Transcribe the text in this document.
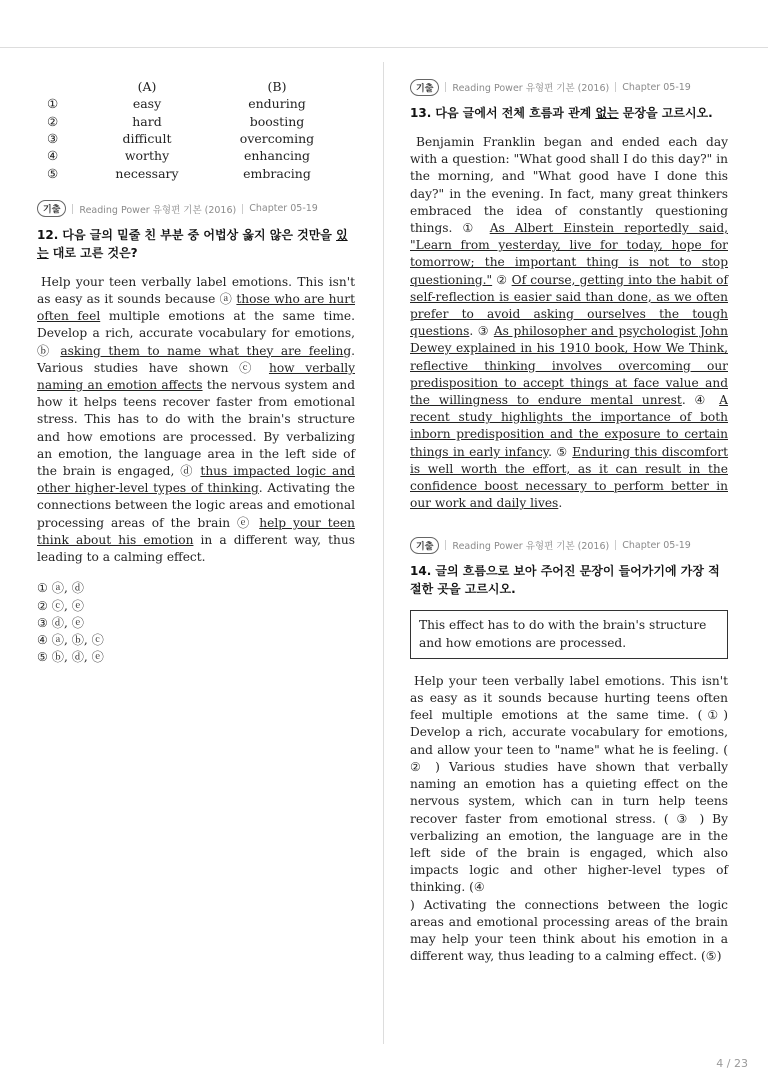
	(A)	(B)
①	easy	enduring
②	hard	boosting
③	difficult	overcoming
④	worthy	enhancing
⑤	necessary	embracing
기출	Reading Power 유형편 기본 (2016) Chapter 05-19
12. 다음 글의 밑줄 친 부분 중 어법상 옳지 않은 것만을 있는 대로 고른 것은?
Help your teen verbally label emotions. This isn't as easy as it sounds because ⓐ those who are hurt often feel multiple emotions at the same time. Develop a rich, accurate vocabulary for emotions, ⓑ asking them to name what they are feeling. Various studies have shown ⓒ how verbally naming an emotion affects the nervous system and how it helps teens recover faster from emotional stress. This has to do with the brain's structure and how emotions are processed. By verbalizing an emotion, the language area in the left side of the brain is engaged, ⓓ thus impacted logic and other higher-level types of thinking. Activating the connections between the logic areas and emotional processing areas of the brain ⓔ help your teen think about his emotion in a different way, thus leading to a calming effect.
① ⓐ, ⓓ
② ⓒ, ⓔ
③ ⓓ, ⓔ
④ ⓐ, ⓑ, ⓒ
⑤ ⓑ, ⓓ, ⓔ
기출	Reading Power 유형편 기본 (2016) Chapter 05-19
13. 다음 글에서 전체 흐름과 관계 없는 문장을 고르시오.
Benjamin Franklin began and ended each day with a question: "What good shall I do this day?" in the morning, and "What good have I done this day?" in the evening. In fact, many great thinkers embraced the idea of constantly questioning things. ① As Albert Einstein reportedly said, "Learn from yesterday, live for today, hope for tomorrow; the important thing is not to stop questioning." ② Of course, getting into the habit of self-reflection is easier said than done, as we often prefer to avoid asking ourselves the tough questions. ③ As philosopher and psychologist John Dewey explained in his 1910 book, How We Think, reflective thinking involves overcoming our predisposition to accept things at face value and the willingness to endure mental unrest. ④ A recent study highlights the importance of both inborn predisposition and the exposure to certain things in early infancy. ⑤ Enduring this discomfort is well worth the effort, as it can result in the confidence boost necessary to perform better in our work and daily lives.
기출	Reading Power 유형편 기본 (2016) Chapter 05-19
14. 글의 흐름으로 보아 주어진 문장이 들어가기에 가장 적절한 곳을 고르시오.
This effect has to do with the brain's structure and how emotions are processed.
Help your teen verbally label emotions. This isn't as easy as it sounds because hurting teens often feel multiple emotions at the same time. (①) Develop a rich, accurate vocabulary for emotions, and allow your teen to "name" what he is feeling. ( ② ) Various studies have shown that verbally naming an emotion has a quieting effect on the nervous system, which can in turn help teens recover faster from emotional stress. ( ③ ) By verbalizing an emotion, the language are in the left side of the brain is engaged, which also impacts logic and other higher-level types of thinking. (④
) Activating the connections between the logic areas and emotional processing areas of the brain may help your teen think about his emotion in a different way, thus leading to a calming effect. (⑤)
4 / 23
